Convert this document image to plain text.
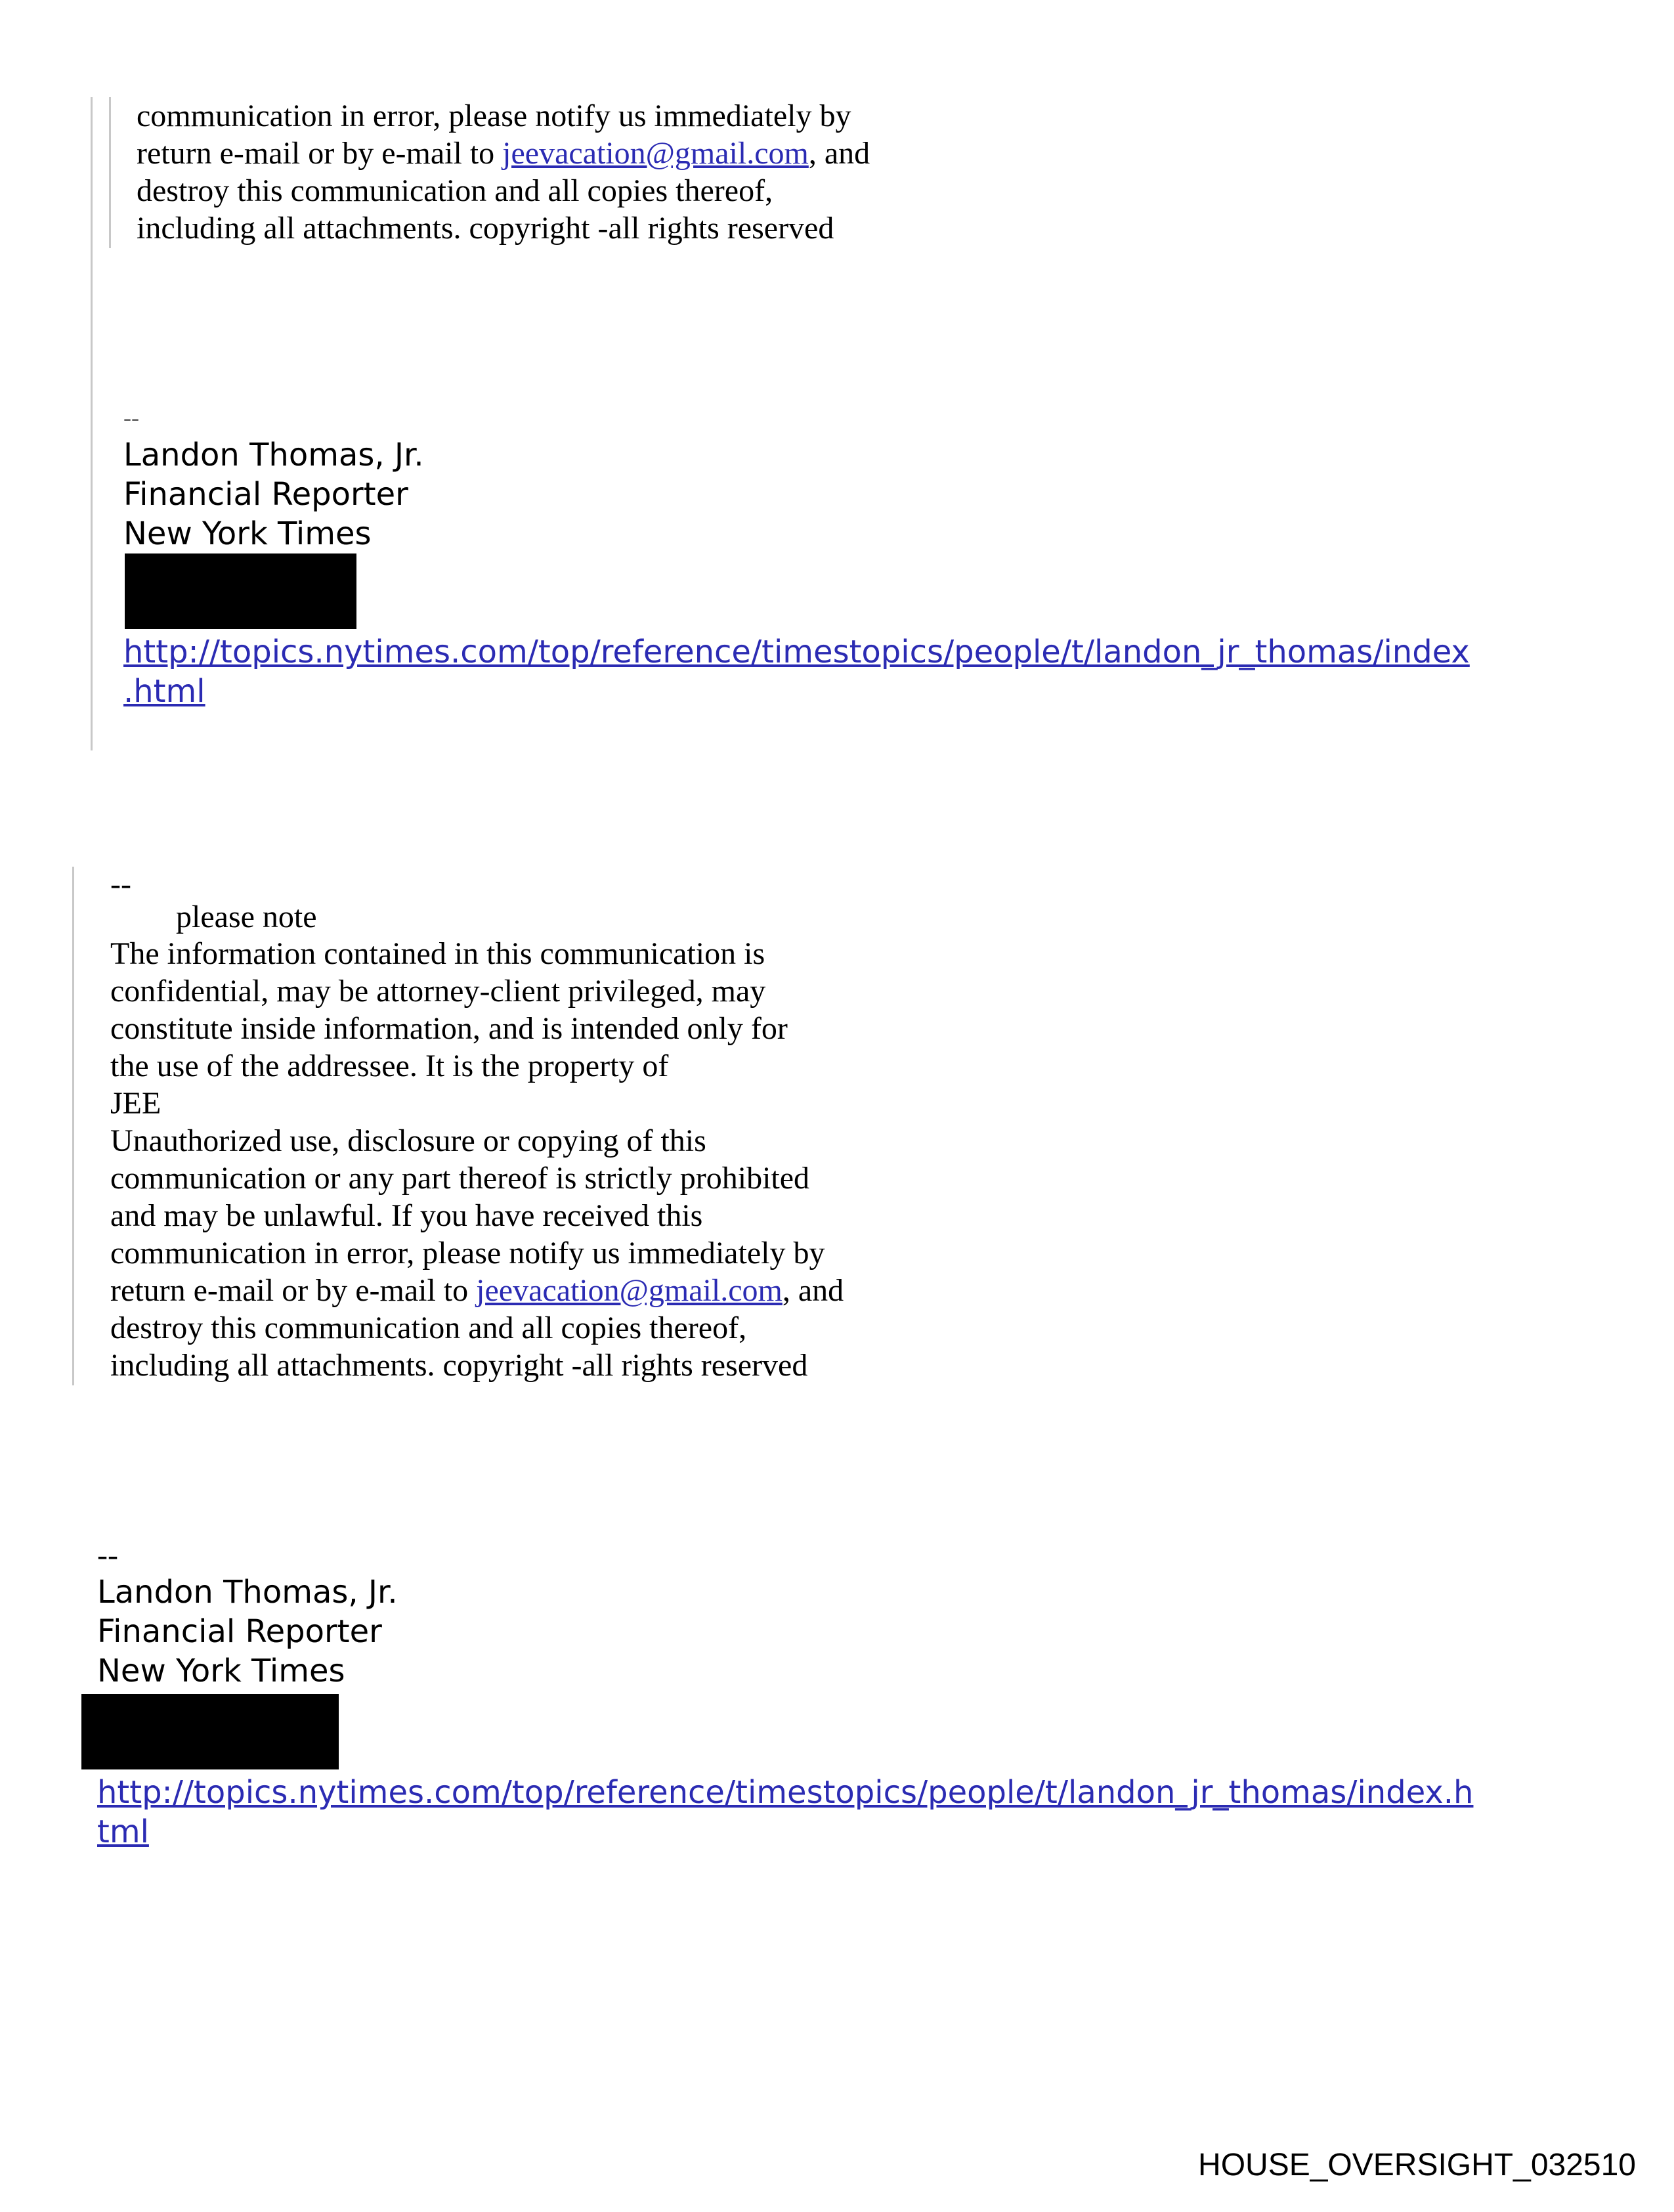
communication in error, please notify us immediately by
return e-mail or by e-mail to jeevacation@gmail.com, and
destroy this communication and all copies thereof,
including all attachments. copyright -all rights reserved
--
Landon Thomas, Jr.
Financial Reporter
New York Times
http://topics.nytimes.com/top/reference/timestopics/people/t/landon_jr_thomas/index
.html
--
please note
The information contained in this communication is
confidential, may be attorney-client privileged, may
constitute inside information, and is intended only for
the use of the addressee. It is the property of
JEE
Unauthorized use, disclosure or copying of this
communication or any part thereof is strictly prohibited
and may be unlawful. If you have received this
communication in error, please notify us immediately by
return e-mail or by e-mail to jeevacation@gmail.com, and
destroy this communication and all copies thereof,
including all attachments. copyright -all rights reserved
--
Landon Thomas, Jr.
Financial Reporter
New York Times
http://topics.nytimes.com/top/reference/timestopics/people/t/landon_jr_thomas/index.h
tml
HOUSE_OVERSIGHT_032510
